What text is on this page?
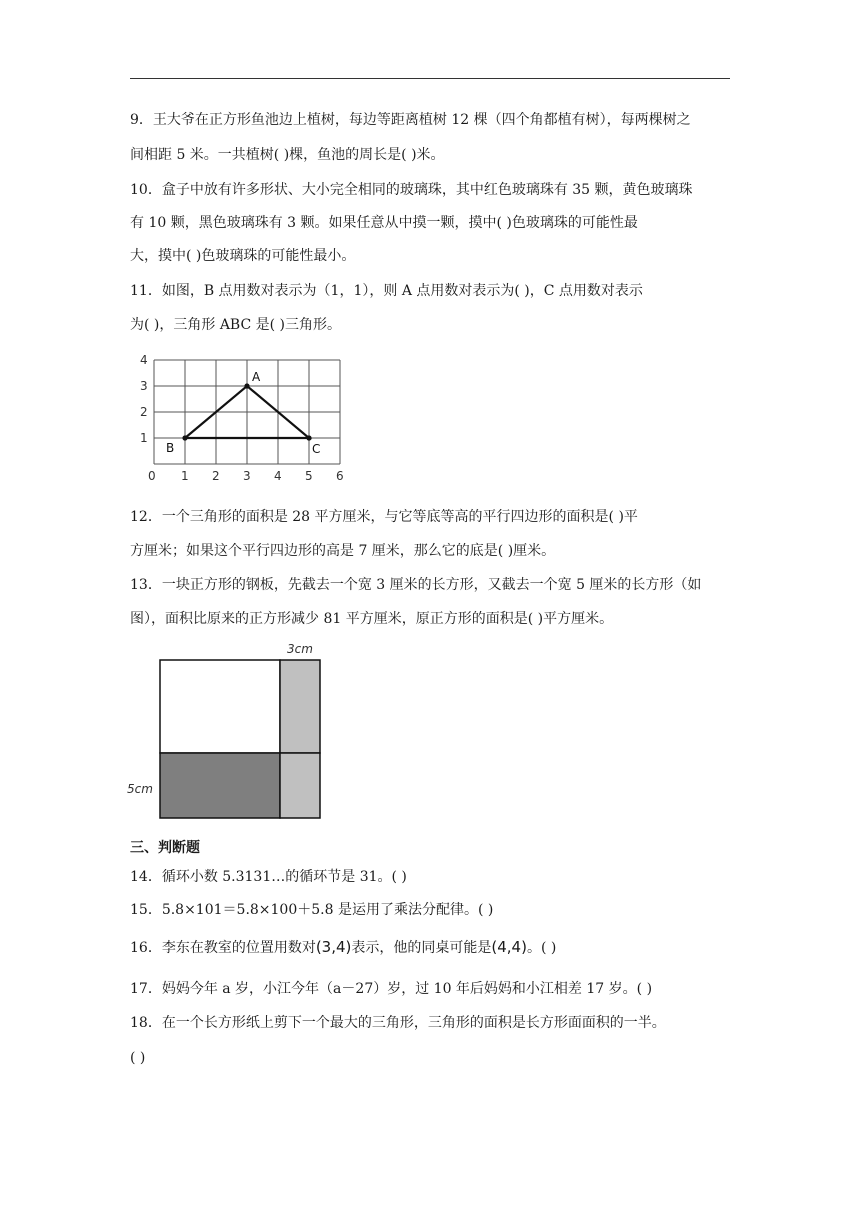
9．王大爷在正方形鱼池边上植树，每边等距离植树 12 棵（四个角都植有树），每两棵树之
间相距 5 米。一共植树( )棵，鱼池的周长是( )米。
10．盒子中放有许多形状、大小完全相同的玻璃珠，其中红色玻璃珠有 35 颗，黄色玻璃珠
有 10 颗，黑色玻璃珠有 3 颗。如果任意从中摸一颗，摸中( )色玻璃珠的可能性最
大，摸中( )色玻璃珠的可能性最小。
11．如图，B 点用数对表示为（1，1），则 A 点用数对表示为( )，C 点用数对表示
为( )，三角形 ABC 是( )三角形。
1
2
3
4
0 1 2 3 4 5 6
A
B	C
12．一个三角形的面积是 28 平方厘米，与它等底等高的平行四边形的面积是( )平
方厘米；如果这个平行四边形的高是 7 厘米，那么它的底是( )厘米。
13．一块正方形的钢板，先截去一个宽 3 厘米的长方形，又截去一个宽 5 厘米的长方形（如
图），面积比原来的正方形减少 81 平方厘米，原正方形的面积是( )平方厘米。
3cm
5cm
三、判断题
14．循环小数 5.3131…的循环节是 31。( )
15．5.8×101＝5.8×100＋5.8 是运用了乘法分配律。( )
16．李东在教室的位置用数对(3,4)表示，他的同桌可能是(4,4)。( )
17．妈妈今年 a 岁，小江今年（a－27）岁，过 10 年后妈妈和小江相差 17 岁。( )
18．在一个长方形纸上剪下一个最大的三角形，三角形的面积是长方形面面积的一半。
( )
